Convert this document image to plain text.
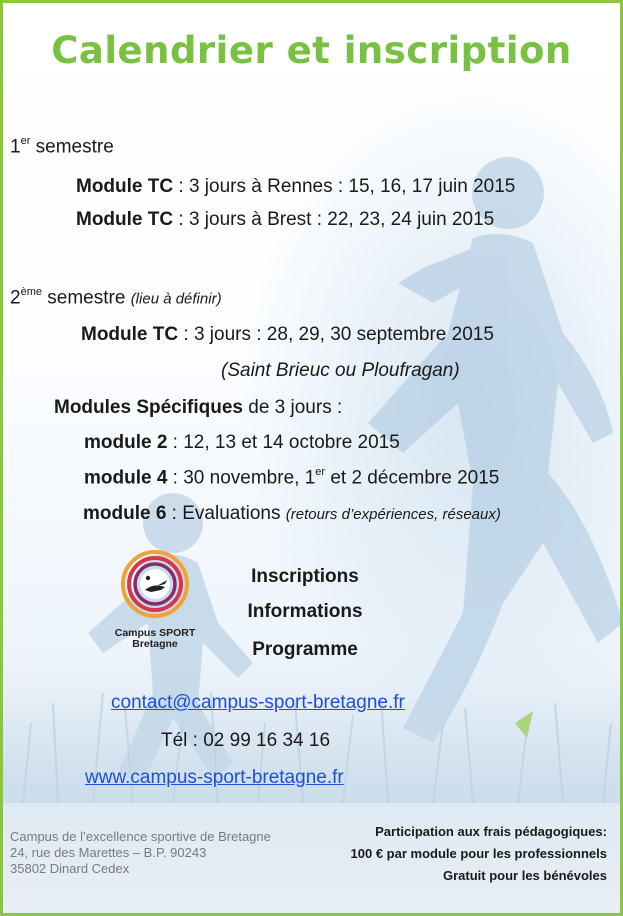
Calendrier et inscription
1er semestre
Module TC : 3 jours à Rennes : 15, 16, 17 juin 2015
Module TC : 3 jours à Brest : 22, 23, 24 juin 2015
2ème semestre (lieu à définir)
Module TC : 3 jours : 28, 29, 30 septembre 2015
(Saint Brieuc ou Ploufragan)
Modules Spécifiques de 3 jours :
module 2 : 12, 13 et 14 octobre 2015
module 4 : 30 novembre, 1er et 2 décembre 2015
module 6 : Evaluations (retours d’expériences, réseaux)
Campus SPORT
Bretagne
Inscriptions
Informations
Programme
contact@campus-sport-bretagne.fr
Tél : 02 99 16 34 16
www.campus-sport-bretagne.fr
Campus de l’excellence sportive de Bretagne
24, rue des Marettes – B.P. 90243
35802 Dinard Cedex
Participation aux frais pédagogiques:
100 € par module pour les professionnels
Gratuit pour les bénévoles
